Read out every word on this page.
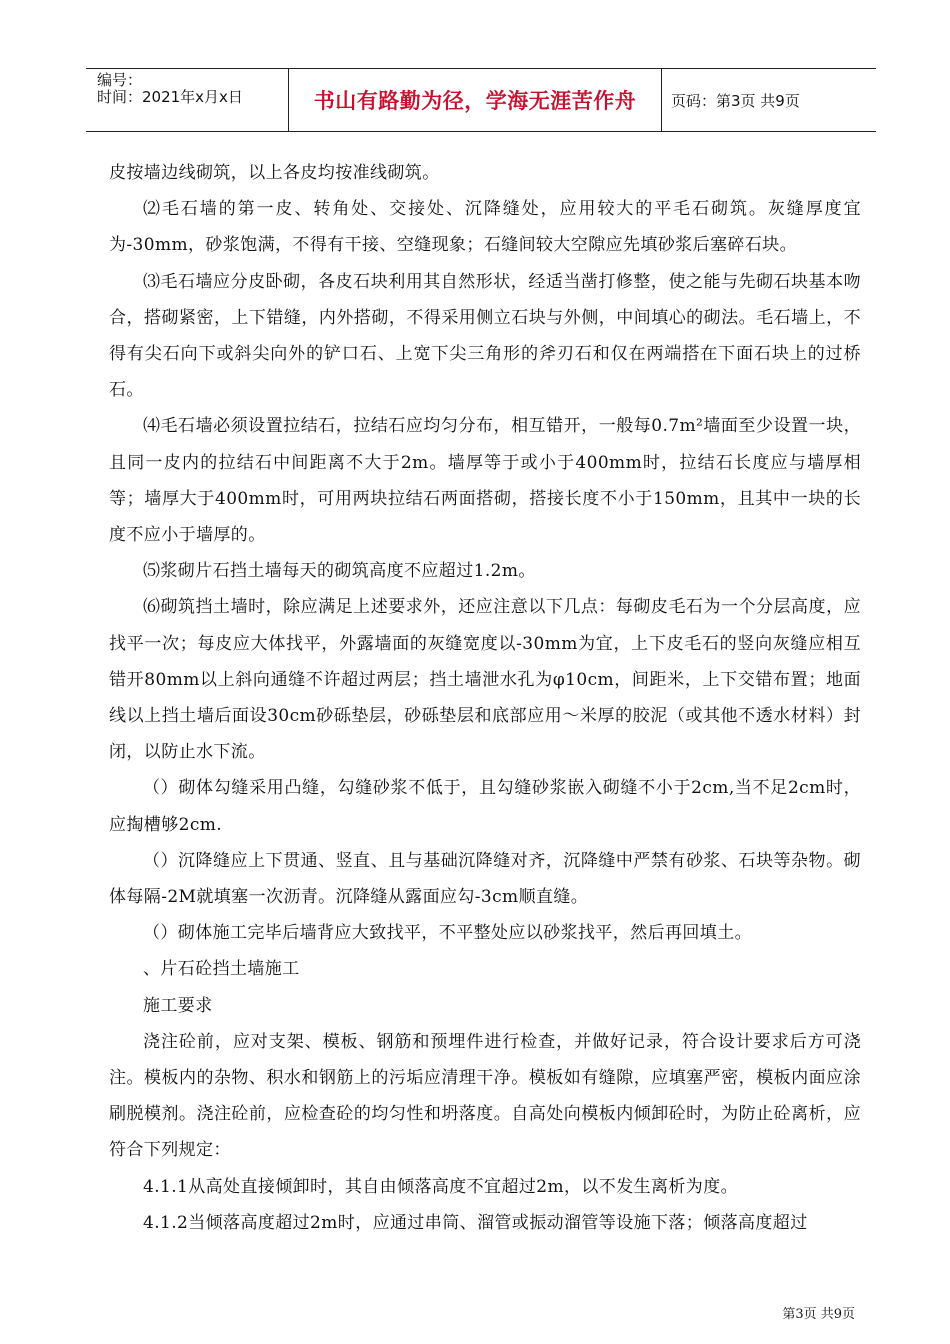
编号：
时间：2021年x月x日	书山有路勤为径，学海无涯苦作舟 页码：第3页 共9页

皮按墙边线砌筑，以上各皮均按准线砌筑。

⑵毛石墙的第一皮、转角处、交接处、沉降缝处，应用较大的平毛石砌筑。灰缝厚度宜为-30mm，砂浆饱满，不得有干接、空缝现象；石缝间较大空隙应先填砂浆后塞碎石块。

⑶毛石墙应分皮卧砌，各皮石块利用其自然形状，经适当凿打修整，使之能与先砌石块基本吻合，搭砌紧密，上下错缝，内外搭砌，不得采用侧立石块与外侧，中间填心的砌法。毛石墙上，不得有尖石向下或斜尖向外的铲口石、上宽下尖三角形的斧刃石和仅在两端搭在下面石块上的过桥石。

⑷毛石墙必须设置拉结石，拉结石应均匀分布，相互错开，一般每0.7m²墙面至少设置一块，且同一皮内的拉结石中间距离不大于2m。墙厚等于或小于400mm时，拉结石长度应与墙厚相等；墙厚大于400mm时，可用两块拉结石两面搭砌，搭接长度不小于150mm，且其中一块的长度不应小于墙厚的。

⑸浆砌片石挡土墙每天的砌筑高度不应超过1.2m。

⑹砌筑挡土墙时，除应满足上述要求外，还应注意以下几点：每砌皮毛石为一个分层高度，应找平一次；每皮应大体找平，外露墙面的灰缝宽度以-30mm为宜，上下皮毛石的竖向灰缝应相互错开80mm以上斜向通缝不许超过两层；挡土墙泄水孔为φ10cm，间距米，上下交错布置；地面线以上挡土墙后面设30cm砂砾垫层，砂砾垫层和底部应用～米厚的胶泥（或其他不透水材料）封闭，以防止水下流。

（）砌体勾缝采用凸缝，勾缝砂浆不低于，且勾缝砂浆嵌入砌缝不小于2cm,当不足2cm时，应掏槽够2cm.

（）沉降缝应上下贯通、竖直、且与基础沉降缝对齐，沉降缝中严禁有砂浆、石块等杂物。砌体每隔-2M就填塞一次沥青。沉降缝从露面应勾-3cm顺直缝。

（）砌体施工完毕后墙背应大致找平，不平整处应以砂浆找平，然后再回填土。

、片石砼挡土墙施工

施工要求

浇注砼前，应对支架、模板、钢筋和预埋件进行检查，并做好记录，符合设计要求后方可浇注。模板内的杂物、积水和钢筋上的污垢应清理干净。模板如有缝隙，应填塞严密，模板内面应涂刷脱模剂。浇注砼前，应检查砼的均匀性和坍落度。自高处向模板内倾卸砼时，为防止砼离析，应符合下列规定：

4.1.1从高处直接倾卸时，其自由倾落高度不宜超过2m，以不发生离析为度。

4.1.2当倾落高度超过2m时，应通过串筒、溜管或振动溜管等设施下落；倾落高度超过

第3页 共9页
